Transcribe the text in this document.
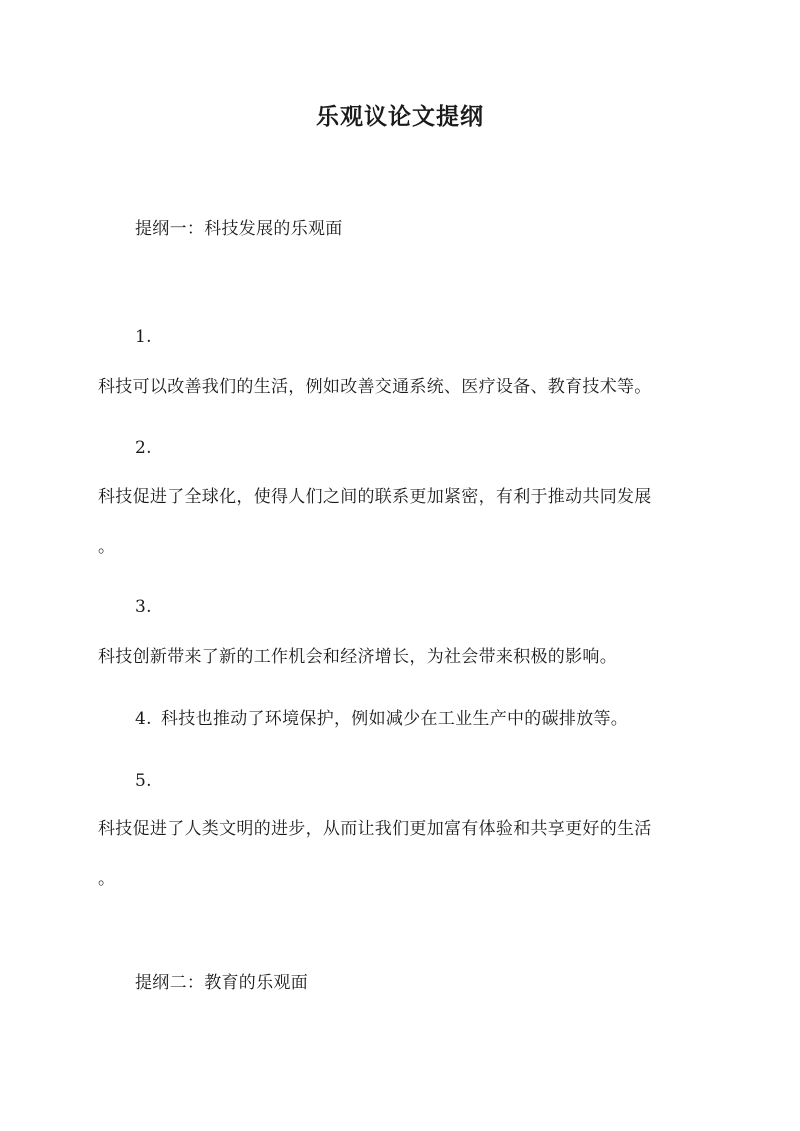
乐观议论文提纲

提纲一：科技发展的乐观面

1.

科技可以改善我们的生活，例如改善交通系统、医疗设备、教育技术等。

2.

科技促进了全球化，使得人们之间的联系更加紧密，有利于推动共同发展

。

3.

科技创新带来了新的工作机会和经济增长，为社会带来积极的影响。

4. 科技也推动了环境保护，例如减少在工业生产中的碳排放等。

5.

科技促进了人类文明的进步，从而让我们更加富有体验和共享更好的生活

。

提纲二：教育的乐观面
